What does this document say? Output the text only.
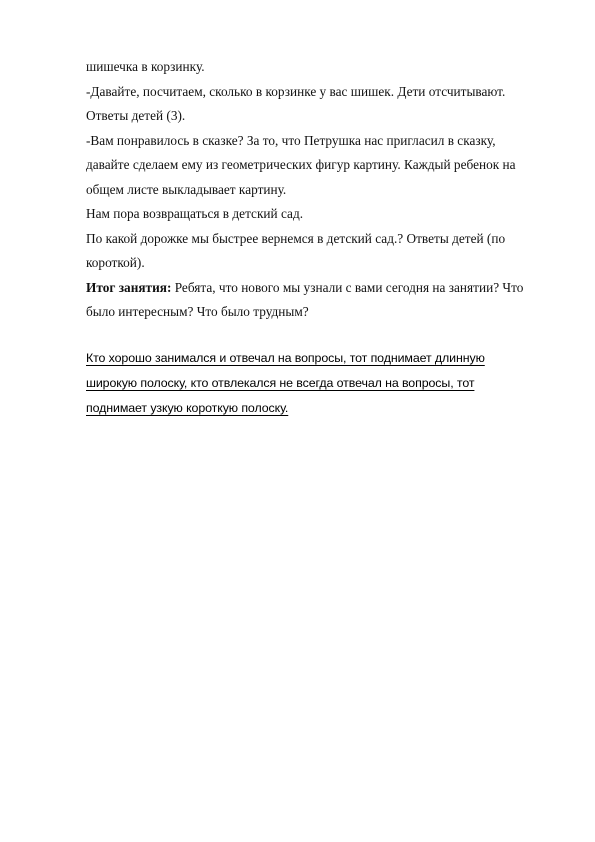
шишечка в корзинку.

-Давайте, посчитаем, сколько в корзинке у вас шишек. Дети отсчитывают.

Ответы детей (3).

-Вам понравилось в сказке? За то, что Петрушка нас пригласил в сказку,

давайте сделаем ему из геометрических фигур картину. Каждый ребенок на

общем листе выкладывает картину.

Нам пора возвращаться в детский сад.

По какой дорожке мы быстрее вернемся в детский сад.? Ответы детей (по

короткой).

Итог занятия: Ребята, что нового мы узнали с вами сегодня на занятии? Что

было интересным? Что было трудным?

Кто хорошо занимался и отвечал на вопросы, тот поднимает длинную

широкую полоску, кто отвлекался не всегда отвечал на вопросы, тот

поднимает узкую короткую полоску.
